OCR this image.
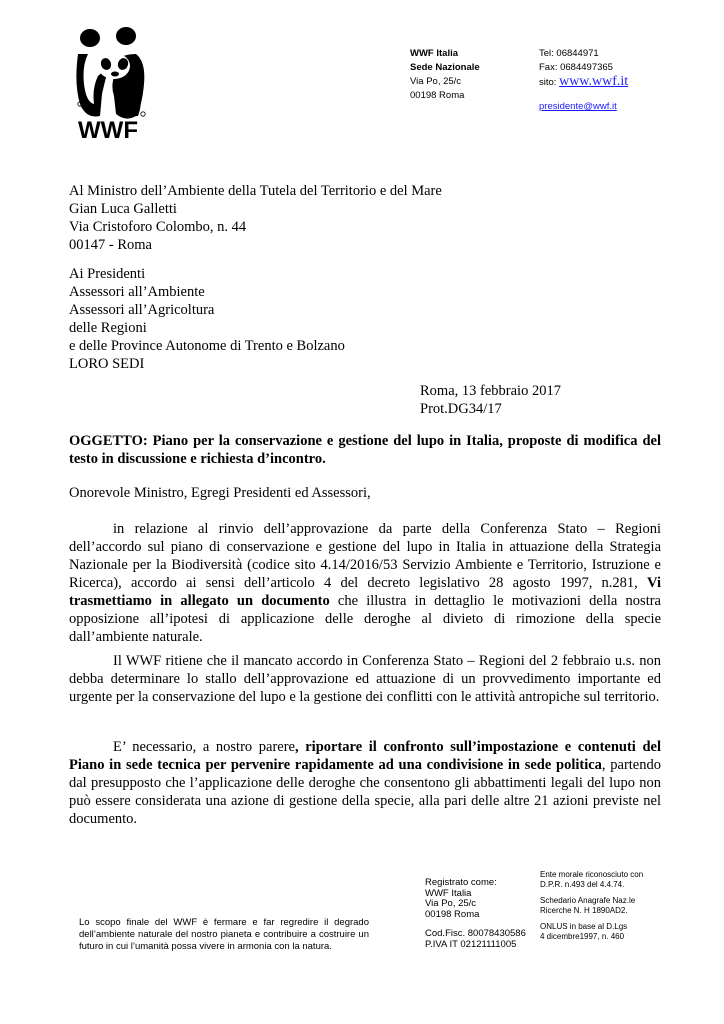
WWF
WWF Italia
Sede Nazionale
Via Po, 25/c
00198 Roma
Tel: 06844971
Fax: 0684497365
sito: www.wwf.it
presidente@wwf.it
Al Ministro dell’Ambiente della Tutela del Territorio e del Mare
Gian Luca Galletti
Via Cristoforo Colombo, n. 44
00147 - Roma
Ai Presidenti
Assessori all’Ambiente
Assessori all’Agricoltura
delle Regioni
e delle Province Autonome di Trento e Bolzano
LORO SEDI
Roma, 13 febbraio 2017
Prot.DG34/17
OGGETTO: Piano per la conservazione e gestione del lupo in Italia, proposte di modifica del testo in discussione e richiesta d’incontro.
Onorevole Ministro, Egregi Presidenti ed Assessori,

in relazione al rinvio dell’approvazione da parte della Conferenza Stato – Regioni dell’accordo sul piano di conservazione e gestione del lupo in Italia in attuazione della Strategia Nazionale per la Biodiversità (codice sito 4.14/2016/53 Servizio Ambiente e Territorio, Istruzione e Ricerca), accordo ai sensi dell’articolo 4 del decreto legislativo 28 agosto 1997, n.281, Vi trasmettiamo in allegato un documento che illustra in dettaglio le motivazioni della nostra opposizione all’ipotesi di applicazione delle deroghe al divieto di rimozione della specie dall’ambiente naturale.

Il WWF ritiene che il mancato accordo in Conferenza Stato – Regioni del 2 febbraio u.s. non debba determinare lo stallo dell’approvazione ed attuazione di un provvedimento importante ed urgente per la conservazione del lupo e la gestione dei conflitti con le attività antropiche sul territorio.

E’ necessario, a nostro parere, riportare il confronto sull’impostazione e contenuti del Piano in sede tecnica per pervenire rapidamente ad una condivisione in sede politica, partendo dal presupposto che l’applicazione delle deroghe che consentono gli abbattimenti legali del lupo non può essere considerata una azione di gestione della specie, alla pari delle altre 21 azioni previste nel documento.

Lo scopo finale del WWF è fermare e far regredire il degrado dell’ambiente naturale del nostro pianeta e contribuire a costruire un futuro in cui l’umanità possa vivere in armonia con la natura.
Registrato come:
WWF Italia
Via Po, 25/c
00198 Roma
Cod.Fisc. 80078430586
P.IVA IT 02121111005
Ente morale riconosciuto con
D.P.R. n.493 del 4.4.74.
Schedario Anagrafe Naz.le
Ricerche N. H 1890AD2.
ONLUS in base al D.Lgs
4 dicembre1997, n. 460
